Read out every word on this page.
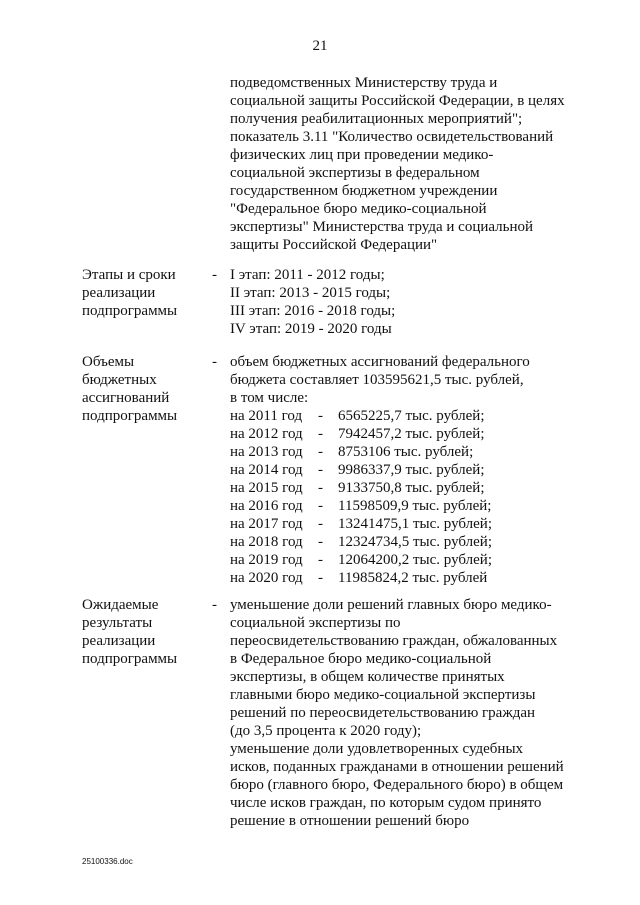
21
подведомственных Министерству труда и
социальной защиты Российской Федерации, в целях
получения реабилитационных мероприятий";
показатель 3.11 "Количество освидетельствований
физических лиц при проведении медико-
социальной экспертизы в федеральном
государственном бюджетном учреждении
"Федеральное бюро медико-социальной
экспертизы" Министерства труда и социальной
защиты Российской Федерации"
Этапы и сроки
реализации
подпрограммы
- I этап: 2011 - 2012 годы;
II этап: 2013 - 2015 годы;
III этап: 2016 - 2018 годы;
IV этап: 2019 - 2020 годы
Объемы
бюджетных
ассигнований
подпрограммы
- объем бюджетных ассигнований федерального
бюджета составляет 103595621,5 тыс. рублей,
в том числе:
на 2011 год	-	6565225,7 тыс. рублей;
на 2012 год	-	7942457,2 тыс. рублей;
на 2013 год	-	8753106 тыс. рублей;
на 2014 год	-	9986337,9 тыс. рублей;
на 2015 год	-	9133750,8 тыс. рублей;
на 2016 год	-	11598509,9 тыс. рублей;
на 2017 год	-	13241475,1 тыс. рублей;
на 2018 год	-	12324734,5 тыс. рублей;
на 2019 год	-	12064200,2 тыс. рублей;
на 2020 год	-	11985824,2 тыс. рублей
Ожидаемые
результаты
реализации
подпрограммы
- уменьшение доли решений главных бюро медико-
социальной экспертизы по
переосвидетельствованию граждан, обжалованных
в Федеральное бюро медико-социальной
экспертизы, в общем количестве принятых
главными бюро медико-социальной экспертизы
решений по переосвидетельствованию граждан
(до 3,5 процента к 2020 году);
уменьшение доли удовлетворенных судебных
исков, поданных гражданами в отношении решений
бюро (главного бюро, Федерального бюро) в общем
числе исков граждан, по которым судом принято
решение в отношении решений бюро
25100336.doc
